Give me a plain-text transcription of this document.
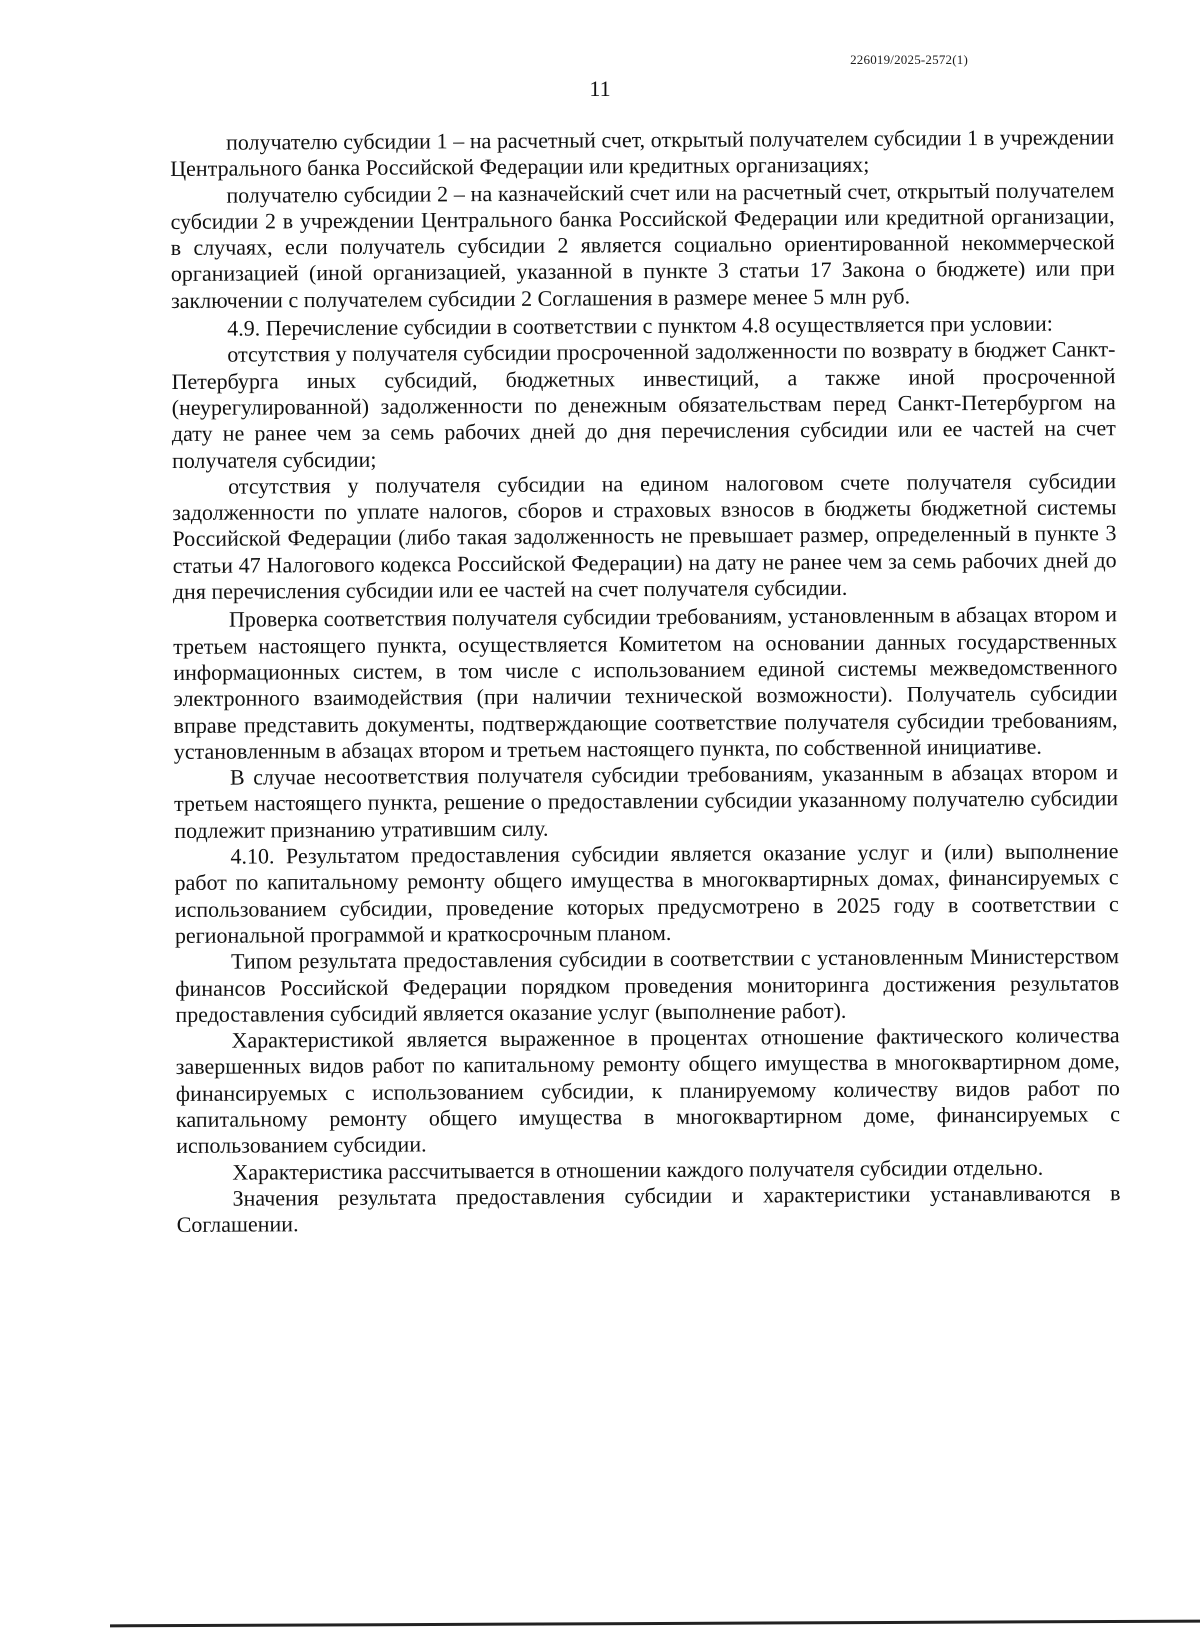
226019/2025-2572(1)
11

получателю субсидии 1 – на расчетный счет, открытый получателем субсидии 1 в учреждении Центрального банка Российской Федерации или кредитных организациях;

получателю субсидии 2 – на казначейский счет или на расчетный счет, открытый получателем субсидии 2 в учреждении Центрального банка Российской Федерации или кредитной организации, в случаях, если получатель субсидии 2 является социально ориентированной некоммерческой организацией (иной организацией, указанной в пункте 3 статьи 17 Закона о бюджете) или при заключении с получателем субсидии 2 Соглашения в размере менее 5 млн руб.

4.9. Перечисление субсидии в соответствии с пунктом 4.8 осуществляется при условии:

отсутствия у получателя субсидии просроченной задолженности по возврату в бюджет Санкт-Петербурга иных субсидий, бюджетных инвестиций, а также иной просроченной (неурегулированной) задолженности по денежным обязательствам перед Санкт-Петербургом на дату не ранее чем за семь рабочих дней до дня перечисления субсидии или ее частей на счет получателя субсидии;

отсутствия у получателя субсидии на едином налоговом счете получателя субсидии задолженности по уплате налогов, сборов и страховых взносов в бюджеты бюджетной системы Российской Федерации (либо такая задолженность не превышает размер, определенный в пункте 3 статьи 47 Налогового кодекса Российской Федерации) на дату не ранее чем за семь рабочих дней до дня перечисления субсидии или ее частей на счет получателя субсидии.

Проверка соответствия получателя субсидии требованиям, установленным в абзацах втором и третьем настоящего пункта, осуществляется Комитетом на основании данных государственных информационных систем, в том числе с использованием единой системы межведомственного электронного взаимодействия (при наличии технической возможности). Получатель субсидии вправе представить документы, подтверждающие соответствие получателя субсидии требованиям, установленным в абзацах втором и третьем настоящего пункта, по собственной инициативе.

В случае несоответствия получателя субсидии требованиям, указанным в абзацах втором и третьем настоящего пункта, решение о предоставлении субсидии указанному получателю субсидии подлежит признанию утратившим силу.

4.10. Результатом предоставления субсидии является оказание услуг и (или) выполнение работ по капитальному ремонту общего имущества в многоквартирных домах, финансируемых с использованием субсидии, проведение которых предусмотрено в 2025 году в соответствии с региональной программой и краткосрочным планом.

Типом результата предоставления субсидии в соответствии с установленным Министерством финансов Российской Федерации порядком проведения мониторинга достижения результатов предоставления субсидий является оказание услуг (выполнение работ).

Характеристикой является выраженное в процентах отношение фактического количества завершенных видов работ по капитальному ремонту общего имущества в многоквартирном доме, финансируемых с использованием субсидии, к планируемому количеству видов работ по капитальному ремонту общего имущества в многоквартирном доме, финансируемых с использованием субсидии.

Характеристика рассчитывается в отношении каждого получателя субсидии отдельно.

Значения результата предоставления субсидии и характеристики устанавливаются в Соглашении.
